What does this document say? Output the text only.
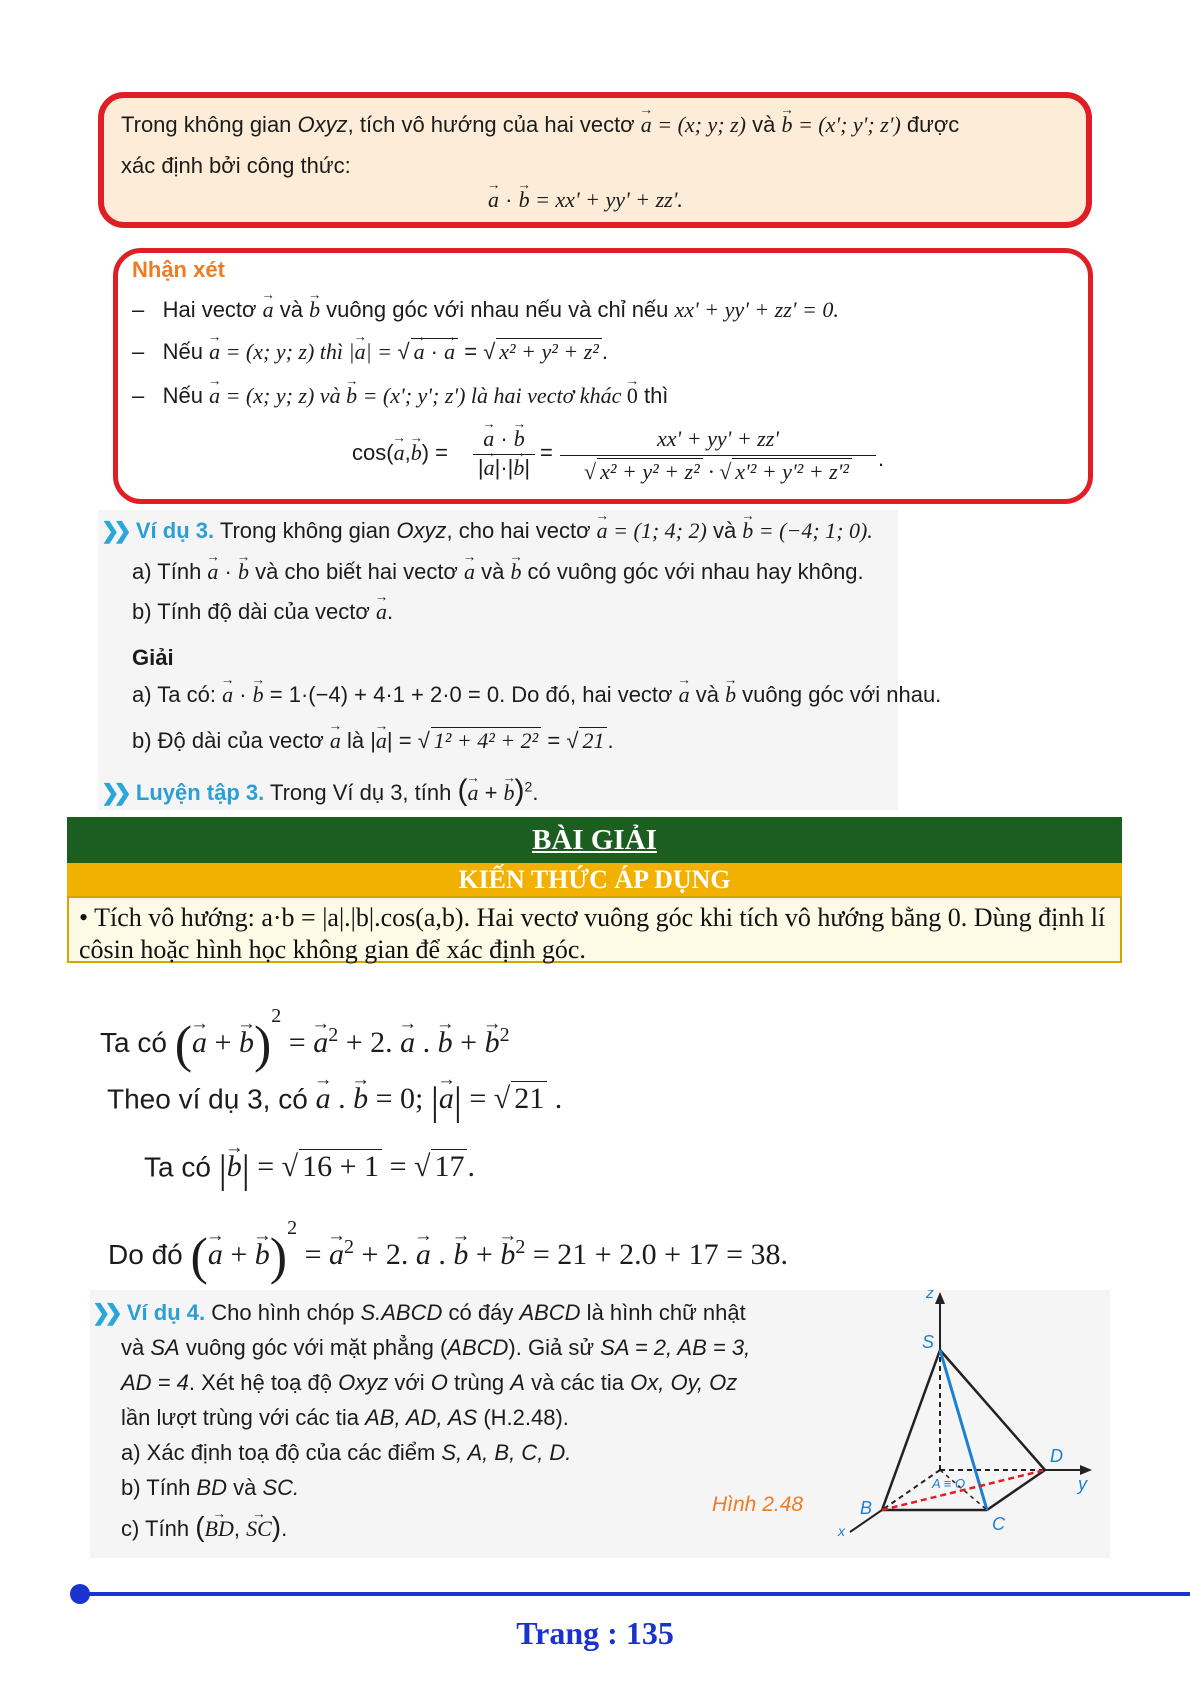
Trong không gian Oxyz, tích vô hướng của hai vectơ → a = (x; y; z) và → b = (x'; y'; z') được
xác định bởi công thức:
→ a · → b = xx' + yy' + zz'.
Nhận xét
–   Hai vectơ → a và → b vuông góc với nhau nếu và chỉ nếu xx' + yy' + zz' = 0.
–   Nếu → a = (x; y; z) thì |→ a| = √ → a · → a = √ x² + y² + z² .
–   Nếu → a = (x; y; z) và → b = (x'; y'; z') là hai vectơ khác → 0 thì
cos(→ a,→ b) =
→ a · → b
|→ a|·|→ b|
=
xx' + yy' + zz'
√ x² + y² + z² · √ x'² + y'² + z'²
.
❯❯ Ví dụ 3. Trong không gian Oxyz, cho hai vectơ → a = (1; 4; 2) và → b = (−4; 1; 0).
a) Tính → a · → b và cho biết hai vectơ → a và → b có vuông góc với nhau hay không.
b) Tính độ dài của vectơ → a.
Giải
a) Ta có: → a · → b = 1·(−4) + 4·1 + 2·0 = 0. Do đó, hai vectơ → a và → b vuông góc với nhau.
b) Độ dài của vectơ → a là |→ a| = √ 1² + 4² + 2² = √ 21 .
❯❯ Luyện tập 3. Trong Ví dụ 3, tính (→ a + → b)$^2$.
BÀI GIẢI
KIẾN THỨC ÁP DỤNG
• Tích vô hướng: a·b = |a|.|b|.cos(a,b). Hai vectơ vuông góc khi tích vô hướng bằng 0. Dùng định lí côsin hoặc hình học không gian để xác định góc.
Ta có (→ a + → b)$^2$ = → $a^2 + 2$. → a . → b + → $b^2$
Theo ví dụ 3, có → a . → b = 0; |→ a| = √ 21 .
Ta có |→ b| = √ 16 + 1 = √ 17 .
Do đó (→ a + → b)$^2$ = → $a^2 + 2$. → a . → b + → $b^2 = 21 + 2.0 + 17 = 38$.
❯❯ Ví dụ 4. Cho hình chóp S.ABCD có đáy ABCD là hình chữ nhật
và SA vuông góc với mặt phẳng (ABCD). Giả sử SA = 2, AB = 3,
AD = 4. Xét hệ toạ độ Oxyz với O trùng A và các tia Ox, Oy, Oz
lần lượt trùng với các tia AB, AD, AS (H.2.48).
a) Xác định toạ độ của các điểm S, A, B, C, D.
b) Tính BD và SC.
c) Tính (→ BD, → SC).
Hình 2.48
z
S
D
y
A ≡ O
B
C
x
Trang : 135
